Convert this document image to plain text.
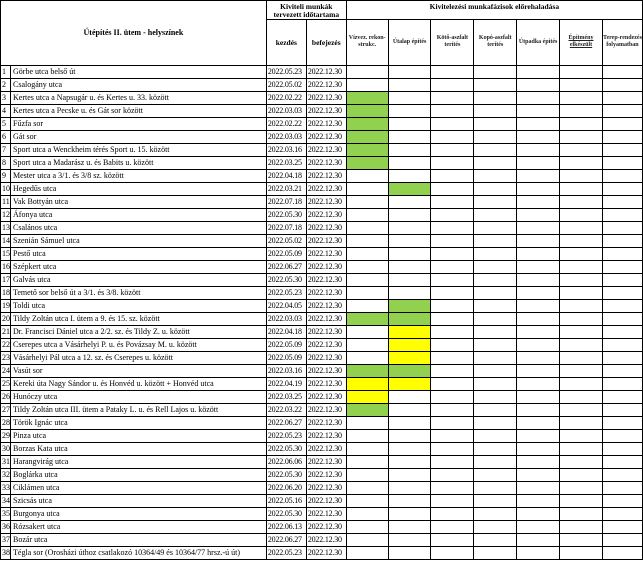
Útépítés II. ütem - helyszínek		Kiviteli munkák tervezett időtartama		Kivitelezési munkafázisok előrehaladása						
		kezdés	befejezés	Vízvez. rekon-strukc.	Útalap építés	Kötő-aszfalt terítés	Kopó-aszfalt terítés	Útpadka építés	Építmény elkészült	Terep-rendezés folyamatban
1	Görbe utca belső út	2022.05.23	2022.12.30							
2	Csalogány utca	2022.05.02	2022.12.30							
3	Kertes utca a Napsugár u. és Kertes u. 33. között	2022.02.22	2022.12.30							
4	Kertes utca a Pecske u. és Gát sor között	2022.03.03	2022.12.30							
5	Fűzfa sor	2022.02.22	2022.12.30							
6	Gát sor	2022.03.03	2022.12.30							
7	Sport utca a Wenckheim térés Sport u. 15. között	2022.03.16	2022.12.30							
8	Sport utca a Madarász u. és Babits u. között	2022.03.25	2022.12.30							
9	Mester utca a 3/1. és 3/8 sz. között	2022.04.18	2022.12.30							
10	Hegedűs utca	2022.03.21	2022.12.30							
11	Vak Bottyán utca	2022.07.18	2022.12.30							
12	Áfonya utca	2022.05.30	2022.12.30							
13	Csalános utca	2022.07.18	2022.12.30							
14	Szenián Sámuel utca	2022.05.02	2022.12.30							
15	Pestő utca	2022.05.09	2022.12.30							
16	Szépkert utca	2022.06.27	2022.12.30							
17	Galvás utca	2022.05.30	2022.12.30							
18	Temető sor belső út a 3/1. és 3/8. között	2022.05.23	2022.12.30							
19	Toldi utca	2022.04.05	2022.12.30							
20	Tildy Zoltán utca I. ütem a 9. és 15. sz. között	2022.03.03	2022.12.30							
21	Dr. Francisci Dániel utca a 2/2. sz. és Tildy Z. u. között	2022.04.18	2022.12.30							
22	Cserepes utca a Vásárhelyi P. u. és Povázsay M. u. között	2022.05.09	2022.12.30							
23	Vásárhelyi Pál utca a 12. sz. és Cserepes u. között	2022.05.09	2022.12.30							
24	Vasút sor	2022.03.16	2022.12.30							
25	Kereki úta Nagy Sándor u. és Honvéd u. között + Honvéd utca	2022.04.19	2022.12.30							
26	Hunóczy utca	2022.03.25	2022.12.30							
27	Tildy Zoltán utca III. ütem a Pataky L. u. és Rell Lajos u. között	2022.03.22	2022.12.30							
28	Török Ignác utca	2022.06.27	2022.12.30							
29	Pinza utca	2022.05.23	2022.12.30							
30	Borzas Kata utca	2022.05.30	2022.12.30							
31	Harangvirág utca	2022.06.06	2022.12.30							
32	Boglárka utca	2022.05.30	2022.12.30							
33	Ciklámen utca	2022.06.20	2022.12.30							
34	Szicsás utca	2022.05.16	2022.12.30							
35	Burgonya utca	2022.05.30	2022.12.30							
36	Rózsakert utca	2022.06.13	2022.12.30							
37	Bozár utca	2022.06.27	2022.12.30							
38	Tégla sor (Orosházi úthoz csatlakozó 10364/49 és 10364/77 hrsz.-ú út)	2022.05.23	2022.12.30							
